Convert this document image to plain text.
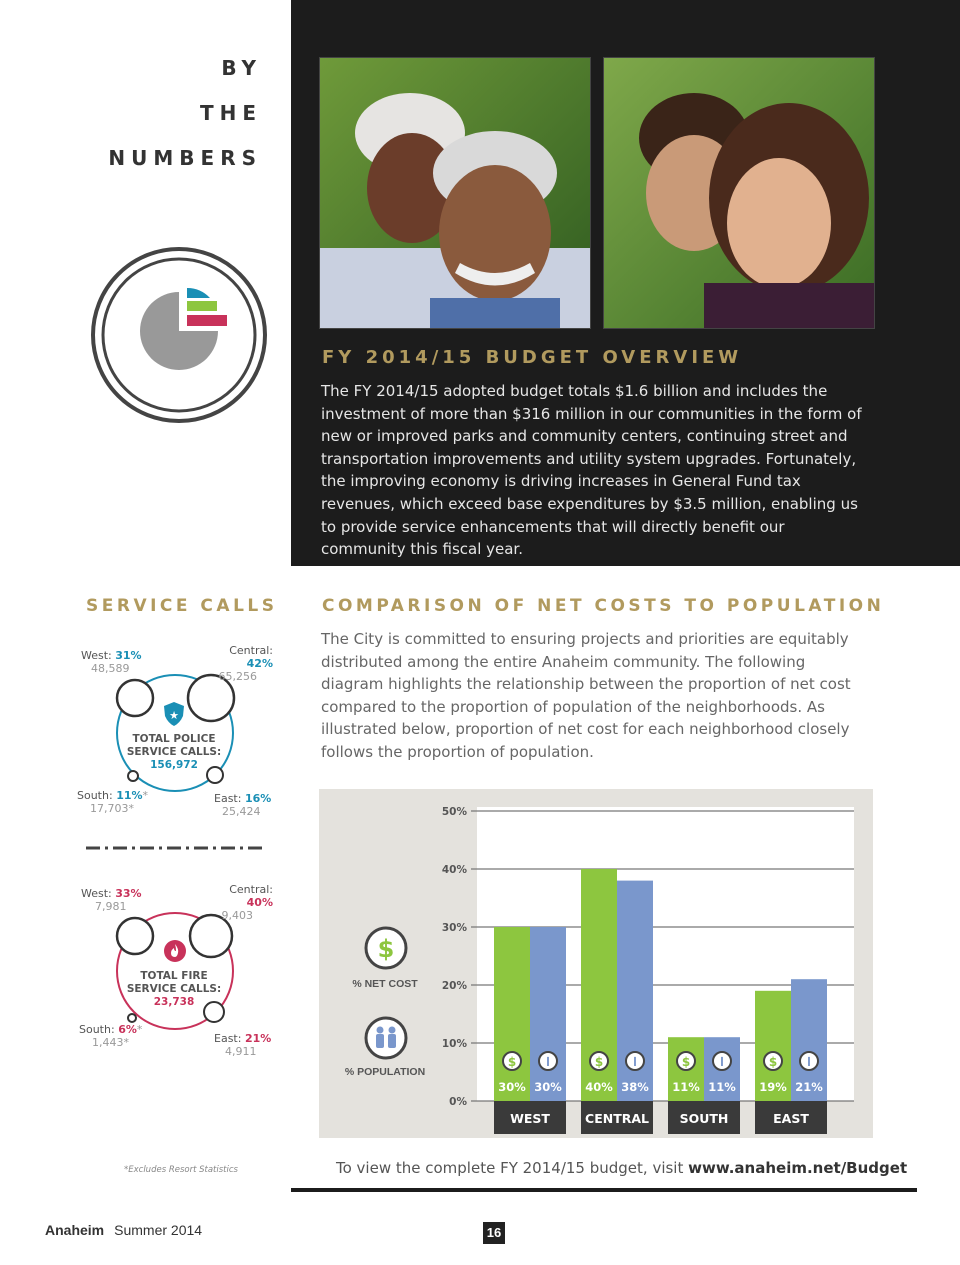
BY
THE
NUMBERS
FY 2014/15 BUDGET OVERVIEW
The FY 2014/15 adopted budget totals $1.6 billion and includes the investment of more than $316 million in our communities in the form of new or improved parks and community centers, continuing street and transportation improvements and utility system upgrades. Fortunately, the improving economy is driving increases in General Fund tax revenues, which exceed base expenditures by $3.5 million, enabling us to provide service enhancements that will directly benefit our community this fiscal year.
SERVICE CALLS
★
TOTAL POLICE
SERVICE CALLS:
156,972
West: 31%
48,589
Central: 42%
65,256
South: 11%*
17,703*
East: 16%
25,424
TOTAL FIRE
SERVICE CALLS:
23,738
West: 33%
7,981
Central: 40%
9,403
South: 6%*
1,443*	East: 21%
4,911
*Excludes Resort Statistics
COMPARISON OF NET COSTS TO POPULATION
The City is committed to ensuring projects and priorities are equitably distributed among the entire Anaheim community. The following diagram highlights the relationship between the proportion of net cost compared to the proportion of population of the neighborhoods. As illustrated below, proportion of net cost for each neighborhood closely follows the proportion of population.
$
% NET COST
% POPULATION
0%
10%
20%
30%
40%
50%
30%
$
30%
ꟾ
WEST
40%
$
38%
ꟾ
CENTRAL
11%
$
11%
ꟾ
SOUTH
19%
$
21%
ꟾ
EAST
To view the complete FY 2014/15 budget, visit www.anaheim.net/Budget
Anaheim Summer 2014	16
